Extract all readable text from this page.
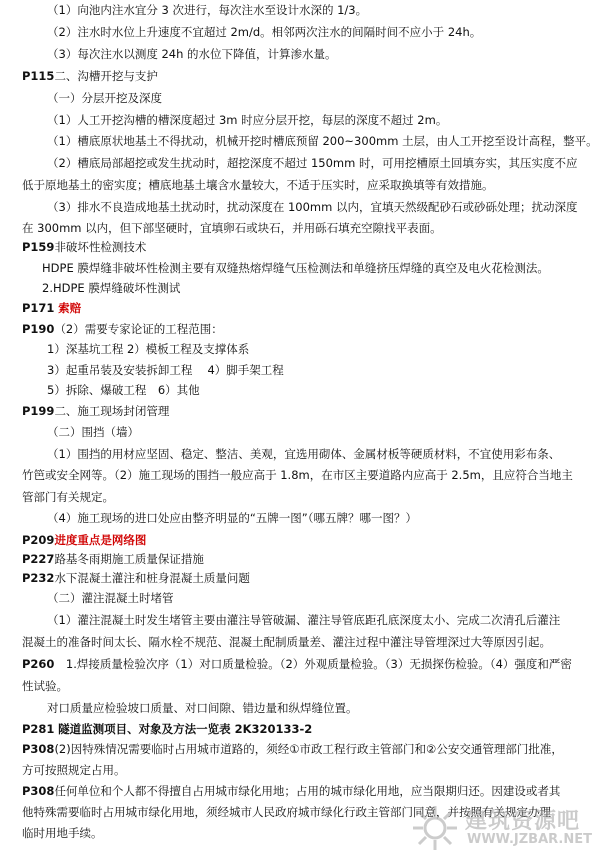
（1）向池内注水宜分 3 次进行，每次注水至设计水深的 1/3。
（2）注水时水位上升速度不宜超过 2m/d。相邻两次注水的间隔时间不应小于 24h。
（3）每次注水以测度 24h 的水位下降值，计算渗水量。
P115二、沟槽开挖与支护
（一）分层开挖及深度
（1）人工开挖沟槽的槽深度超过 3m 时应分层开挖，每层的深度不超过 2m。
（1）槽底原状地基土不得扰动，机械开挖时槽底预留 200~300mm 土层，由人工开挖至设计高程，整平。
（2）槽底局部超挖或发生扰动时，超挖深度不超过 150mm 时，可用挖槽原土回填夯实，其压实度不应
低于原地基土的密实度；槽底地基土壤含水量较大，不适于压实时，应采取换填等有效措施。
（3）排水不良造成地基土扰动时，扰动深度在 100mm 以内，宜填天然级配砂石或砂砾处理；扰动深度
在 300mm 以内，但下部坚硬时，宜填卵石或块石，并用砾石填充空隙找平表面。
P159非破坏性检测技术
HDPE 膜焊缝非破坏性检测主要有双缝热熔焊缝气压检测法和单缝挤压焊缝的真空及电火花检测法。
2.HDPE 膜焊缝破坏性测试
P171 索赔
P190（2）需要专家论证的工程范围：
1）深基坑工程 2）模板工程及支撑体系
3）起重吊装及安装拆卸工程　 4）脚手架工程
5）拆除、爆破工程　6）其他
P199二、施工现场封闭管理
（二）围挡（墙）
（1）围挡的用材应坚固、稳定、整洁、美观，宜选用砌体、金属材板等硬质材料，不宜使用彩布条、
竹笆或安全网等。（2）施工现场的围挡一般应高于 1.8m，在市区主要道路内应高于 2.5m，且应符合当地主
管部门有关规定。
（4）施工现场的进口处应由整齐明显的“五牌一图”（哪五牌？哪一图？）
P209进度重点是网络图
P227路基冬雨期施工质量保证措施
P232水下混凝土灌注和桩身混凝土质量问题
（二）灌注混凝土时堵管
（1）灌注混凝土时发生堵管主要由灌注导管破漏、灌注导管底距孔底深度太小、完成二次清孔后灌注
混凝土的准备时间太长、隔水栓不规范、混凝土配制质量差、灌注过程中灌注导管埋深过大等原因引起。
P260　1.焊接质量检验次序（1）对口质量检验。（2）外观质量检验。（3）无损探伤检验。（4）强度和严密
性试验。
对口质量应检验坡口质量、对口间隙、错边量和纵焊缝位置。
P281 隧道监测项目、对象及方法一览表 2K320133-2
P308(2)因特殊情况需要临时占用城市道路的，须经①市政工程行政主管部门和②公安交通管理部门批准，
方可按照规定占用。
P308任何单位和个人都不得擅自占用城市绿化用地；占用的城市绿化用地，应当限期归还。因建设或者其
他特殊需要临时占用城市绿化用地，须经城市人民政府城市绿化行政主管部门同意，并按照有关规定办理
临时用地手续。	建筑资源吧
WWW.JZBAR.NET
